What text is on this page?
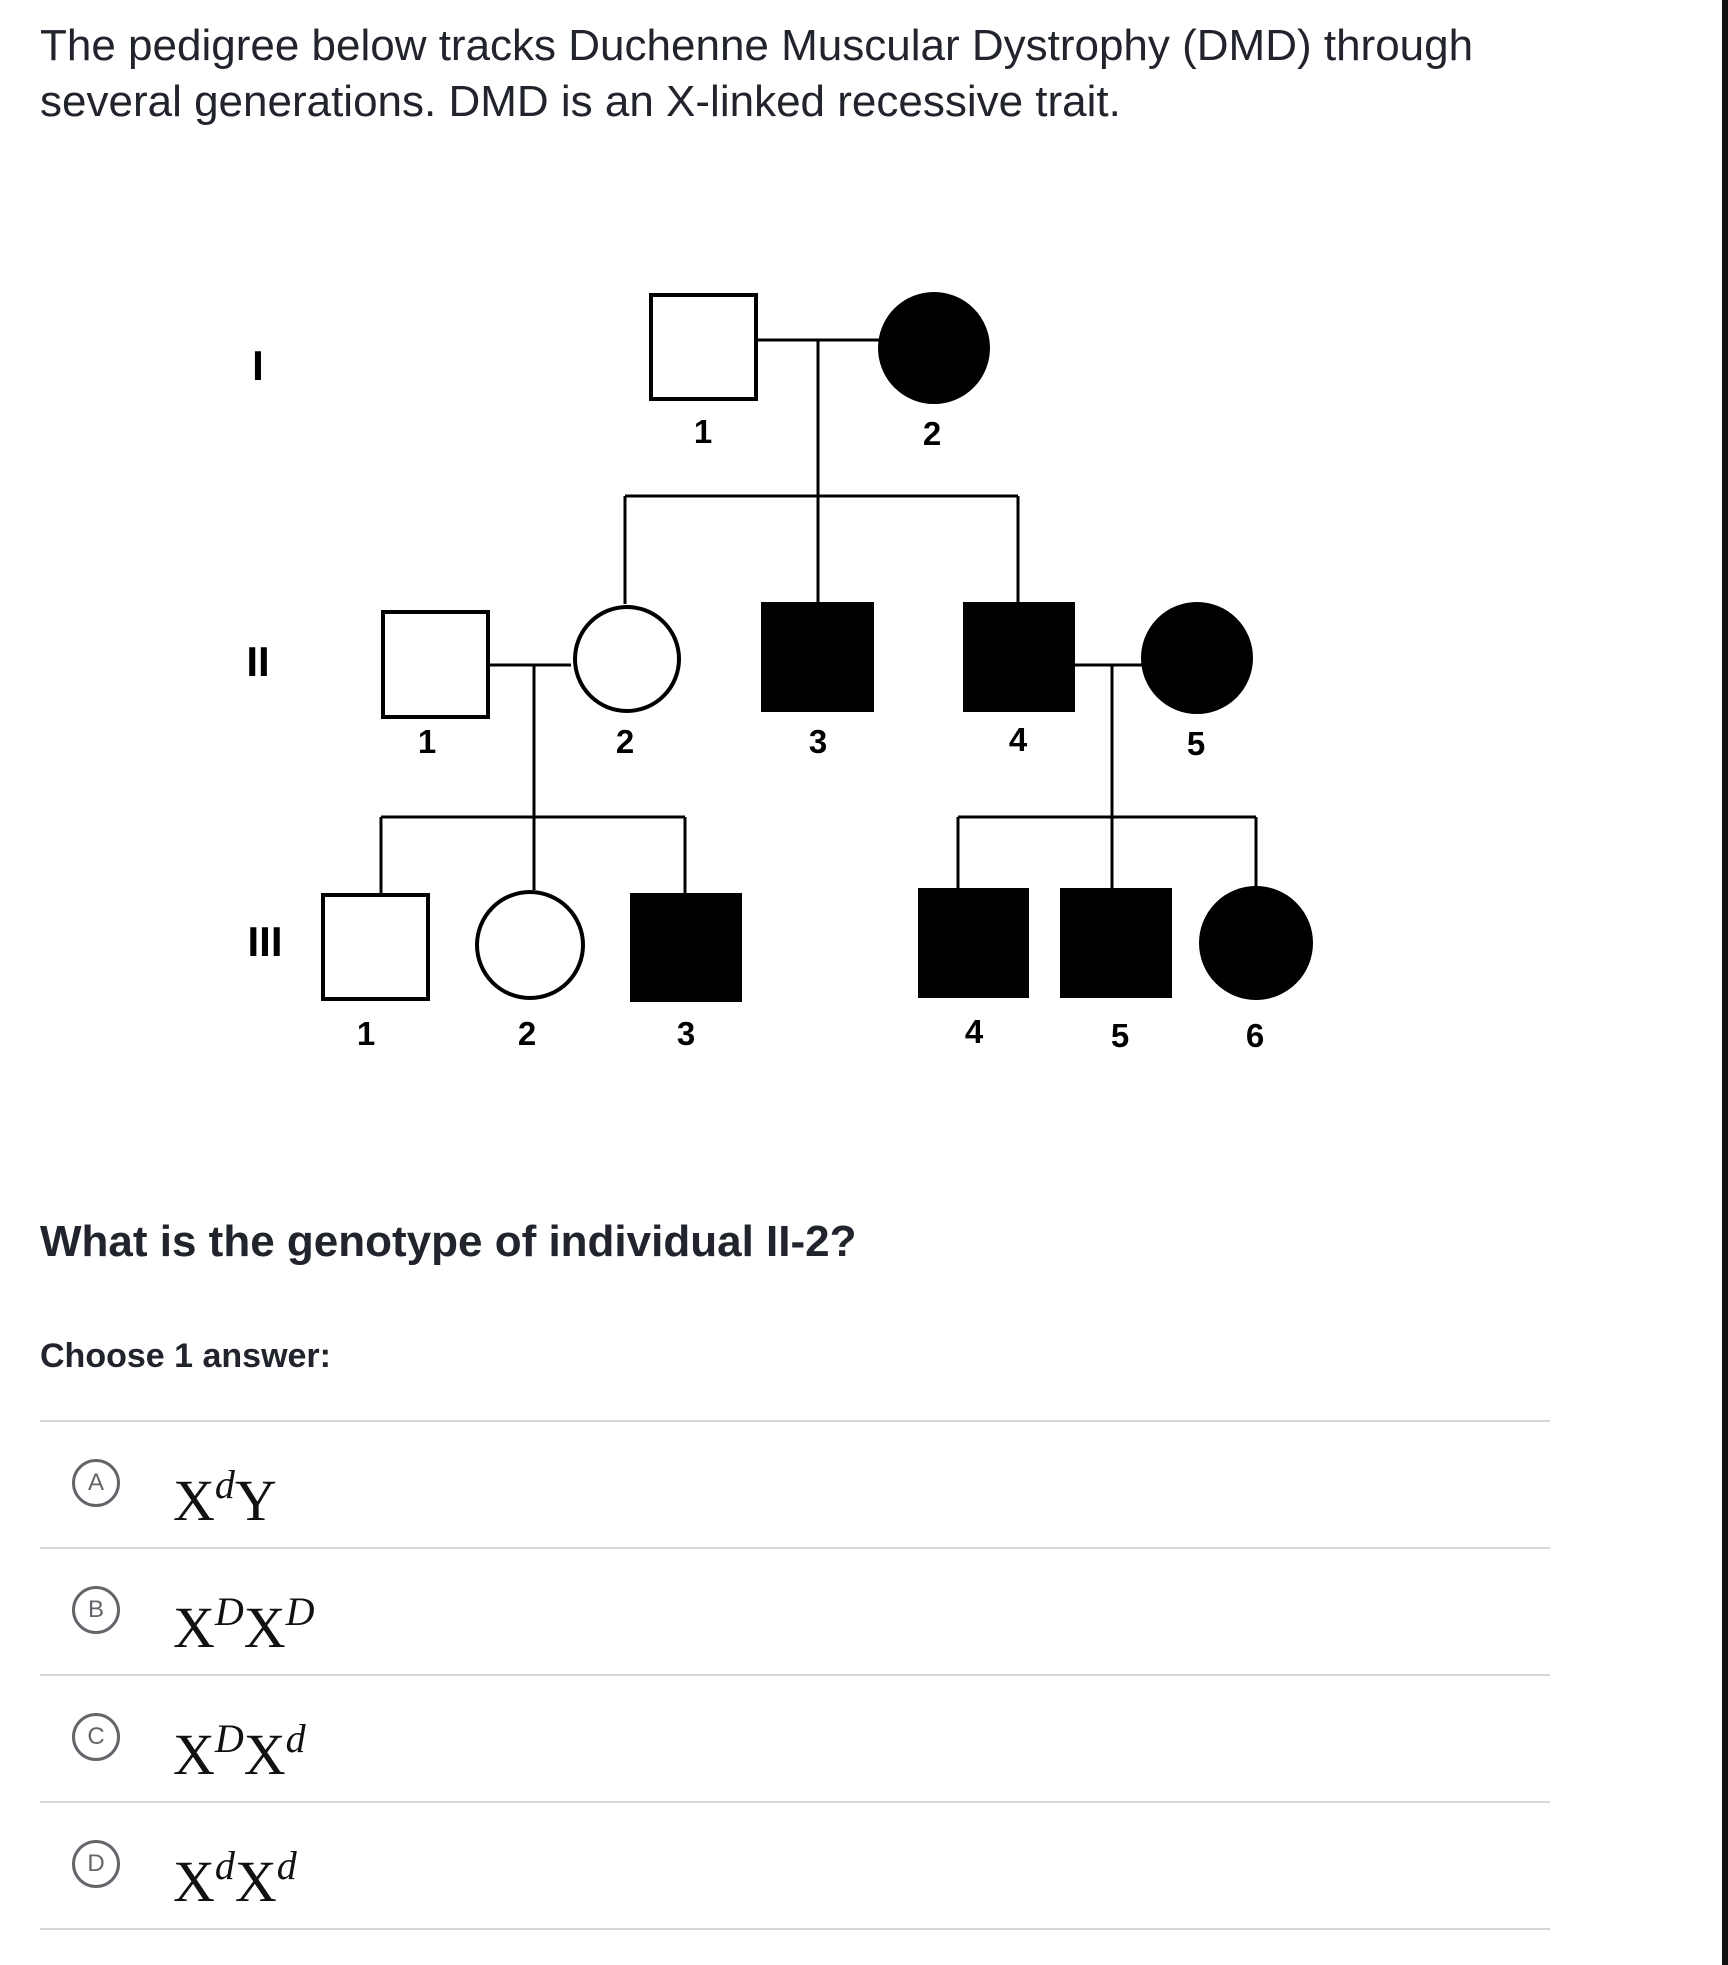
The pedigree below tracks Duchenne Muscular Dystrophy (DMD) through several generations. DMD is an X-linked recessive trait.
I
II
III
1	2
1	2	3	4	5
1	2	3	4	5	6
What is the genotype of individual II-2?
Choose 1 answer:
A $X^dY$
B $X^DX^D$
C $X^DX^d$
D $X^dX^d$
